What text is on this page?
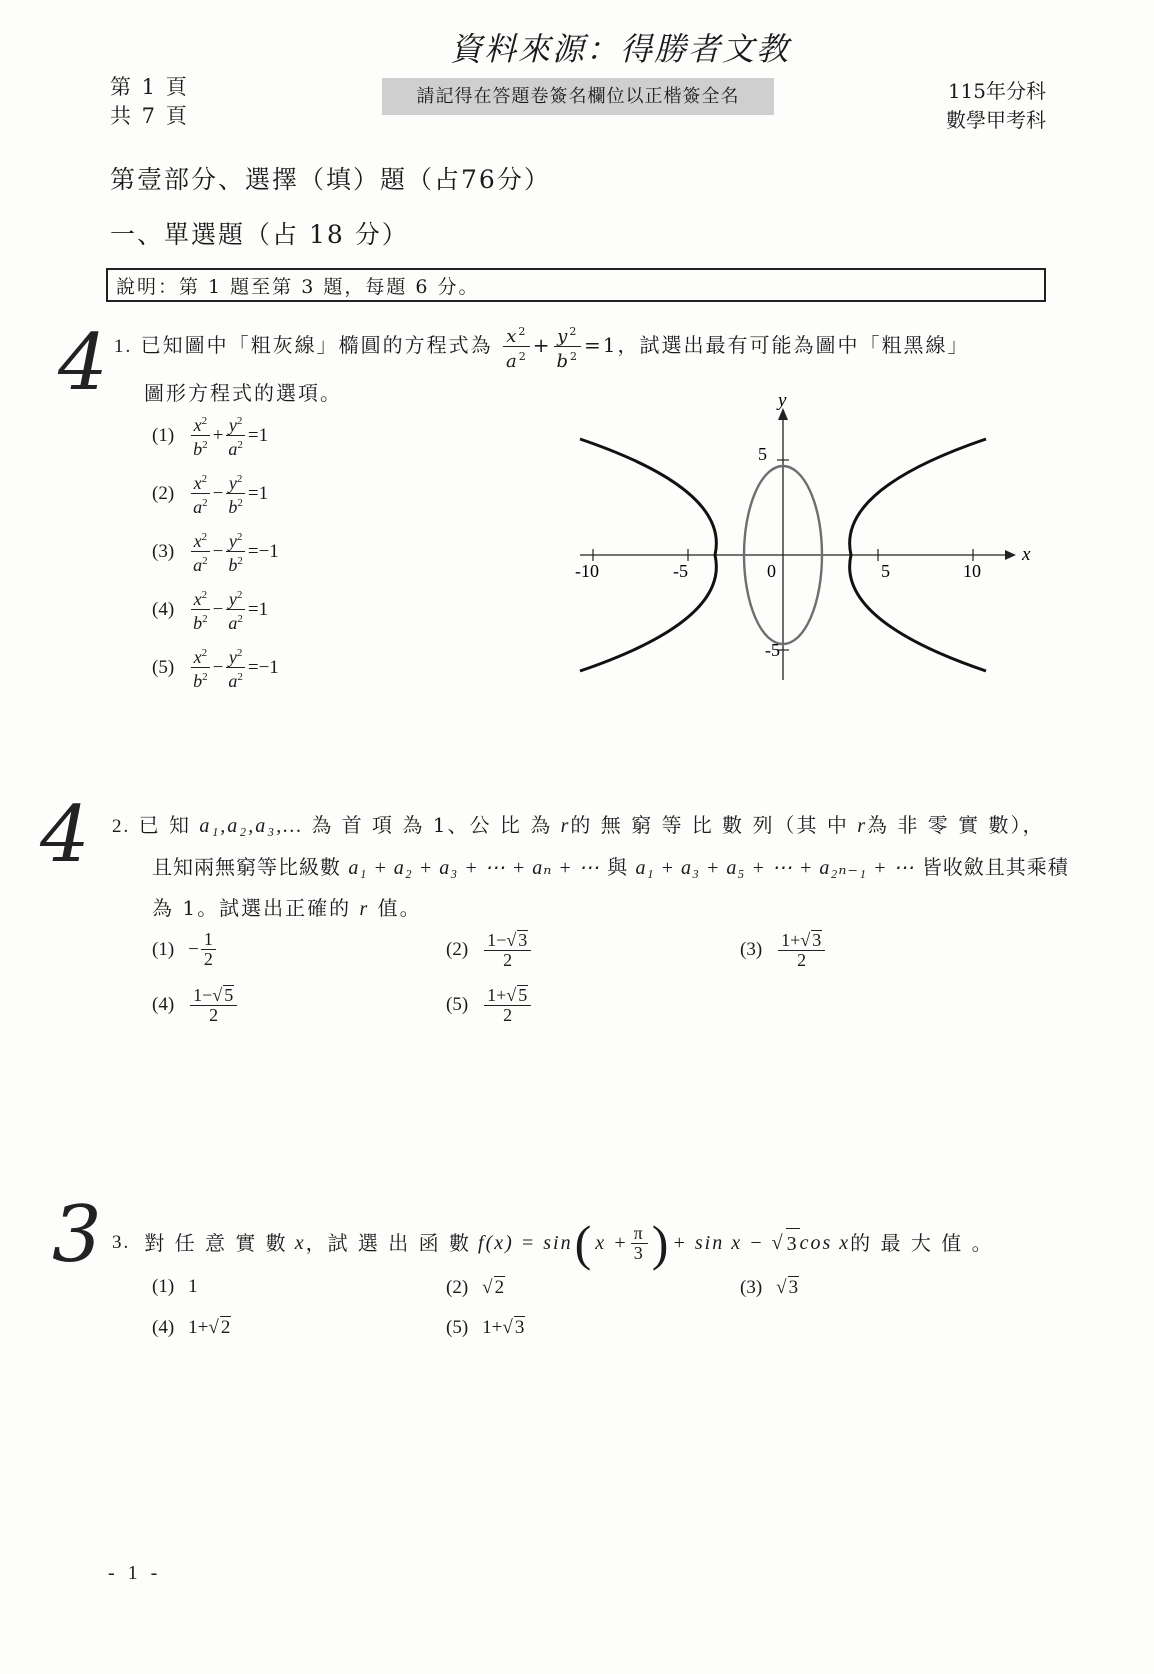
資料來源：得勝者文教
第 1 頁
共 7 頁
請記得在答題卷簽名欄位以正楷簽全名	115年分科
數學甲考科
第壹部分、選擇（填）題（占76分）
一、單選題（占 18 分）
說明：第 1 題至第 3 題，每題 6 分。
4
4
3
1. 已知圖中「粗灰線」橢圓的方程式為 $\frac{x^2}{a^2} + \frac{y^2}{b^2} =1$，試選出最有可能為圖中「粗黑線」
圖形方程式的選項。
$(1) \frac{x^2}{b^2} + \frac{y^2}{a^2} =1$
$(2) \frac{x^2}{a^2} - \frac{y^2}{b^2} =1$
$(3) \frac{x^2}{a^2} - \frac{y^2}{b^2} =-1$
$(4) \frac{x^2}{b^2} - \frac{y^2}{a^2} =1$
$(5) \frac{x^2}{b^2} - \frac{y^2}{a^2} =-1$
-10	-5	0	5	10
5
-5
x
y
2. 已 知 a₁,a₂,a₃,… 為 首 項 為 1、公 比 為 r的 無 窮 等 比 數 列（其 中 r為 非 零 實 數），
且知兩無窮等比級數 a₁ + a₂ + a₃ + ⋯ + aₙ + ⋯ 與 a₁ + a₃ + a₅ + ⋯ + a₂ₙ₋₁ + ⋯ 皆收斂且其乘積
為 1。試選出正確的 r 值。
$(1) - \frac{1}{2}$	$(2) \frac{1-√ 3}{2}$	$(3) \frac{1+√ 3}{2}$
$(4) \frac{1-√ 5}{2}$	$(5) \frac{1+√ 5}{2}$
3.
對 任 意 實 數
x ，試 選 出 函 數
f(x) = sin ( $x + \frac{\pi}{3}$ ) + sin x − √ 3 cos x 的 最 大 值 。
(1) 1	(2) √ 2	(3) √ 3
(4) 1+√ 2	(5) 1+√ 3
- 1 -
